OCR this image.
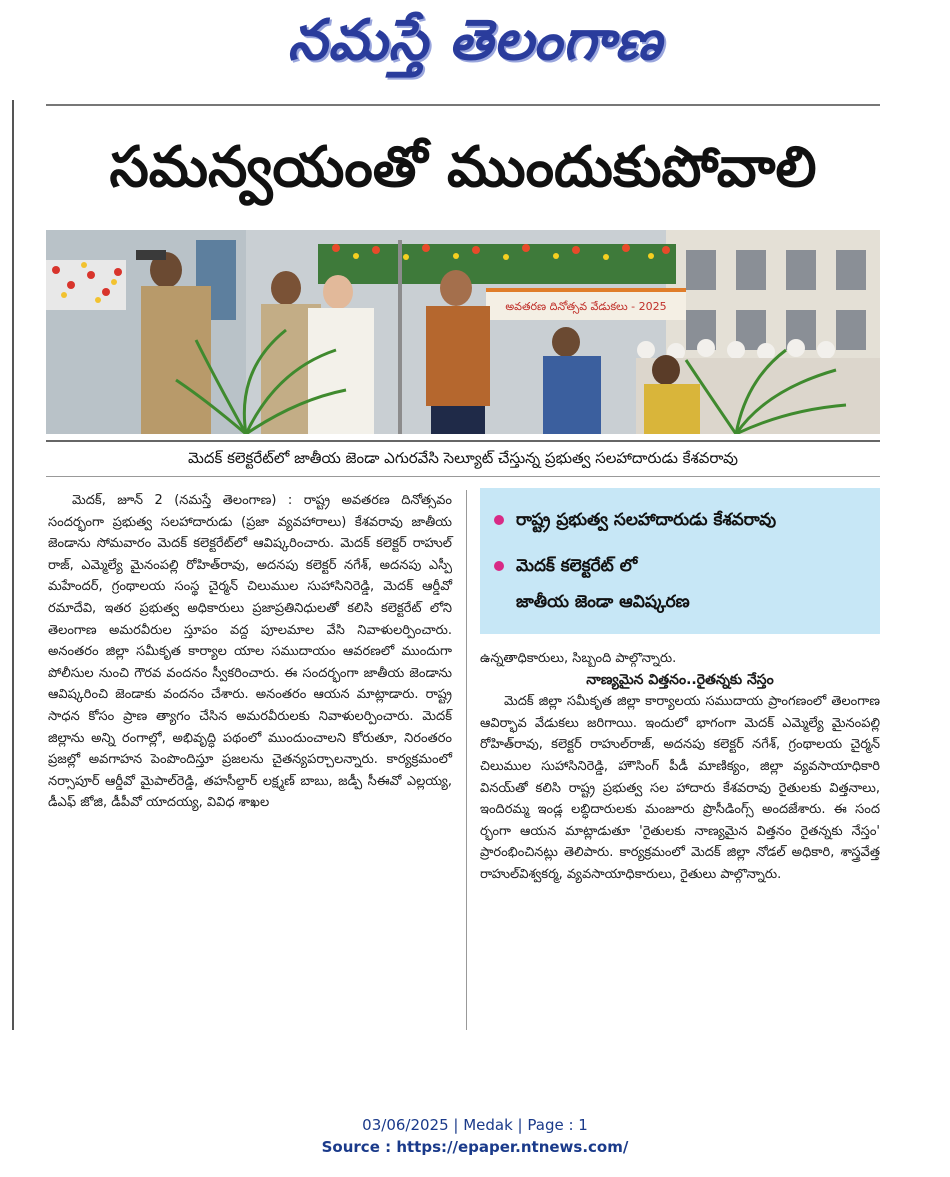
నమస్తే తెలంగాణ
సమన్వయంతో ముందుకుపోవాలి
అవతరణ దినోత్సవ వేడుకలు - 2025
మెదక్ కలెక్టరేట్‌లో జాతీయ జెండా ఎగురవేసి సెల్యూట్ చేస్తున్న ప్రభుత్వ సలహాదారుడు కేశవరావు

మెదక్, జూన్ 2 (నమస్తే తెలంగాణ) : రాష్ట్ర అవతరణ దినోత్సవం సందర్భంగా ప్రభుత్వ సలహాదారుడు (ప్రజా వ్యవహారాలు) కేశవరావు జాతీయ జెండాను సోమవారం మెదక్ కలెక్టరేట్‌లో ఆవిష్కరించారు. మెదక్ కలెక్టర్ రాహుల్ రాజ్, ఎమ్మెల్యే మైనంపల్లి రోహిత్‌రావు, అదనపు కలెక్టర్ నగేశ్, అదనపు ఎస్పీ మహేందర్, గ్రంథాలయ సంస్థ చైర్మన్ చిలుముల సుహాసినిరెడ్డి, మెదక్ ఆర్డీవో రమాదేవి, ఇతర ప్రభుత్వ అధికారులు ప్రజాప్రతినిధులతో కలిసి కలెక్టరేట్ లోని తెలంగాణ అమరవీరుల స్తూపం వద్ద పూలమాల వేసి నివాళులర్పించారు. అనంతరం జిల్లా సమీకృత కార్యాల యాల సముదాయం ఆవరణలో ముందుగా పోలీసుల నుంచి గౌరవ వందనం స్వీకరించారు. ఈ సందర్భంగా జాతీయ జెండాను ఆవిష్కరించి జెండాకు వందనం చేశారు. అనంతరం ఆయన మాట్లాడారు. రాష్ట్ర సాధన కోసం ప్రాణ త్యాగం చేసిన అమరవీరులకు నివాళులర్పించారు. మెదక్ జిల్లాను అన్ని రంగాల్లో, అభివృద్ధి పథంలో ముందుంచాలని కోరుతూ, నిరంతరం ప్రజల్లో అవగాహన పెంపొందిస్తూ ప్రజలను చైతన్యపర్చాలన్నారు. కార్యక్రమంలో నర్సాపూర్ ఆర్డీవో మైపాల్‌రెడ్డి, తహసీల్దార్ లక్ష్మణ్ బాబు, జడ్పీ సీఈవో ఎల్లయ్య, డీఎఫ్ జోజి, డీపీవో యాదయ్య, వివిధ శాఖల

రాష్ట్ర ప్రభుత్వ సలహాదారుడు కేశవరావు
మెదక్ కలెక్టరేట్ లో
జాతీయ జెండా ఆవిష్కరణ

ఉన్నతాధికారులు, సిబ్బంది పాల్గొన్నారు.

నాణ్యమైన విత్తనం..రైతన్నకు నేస్తం

మెదక్ జిల్లా సమీకృత జిల్లా కార్యాలయ సముదాయ ప్రాంగణంలో తెలంగాణ ఆవిర్భావ వేడుకలు జరిగాయి. ఇందులో భాగంగా మెదక్ ఎమ్మెల్యే మైనంపల్లి రోహిత్‌రావు, కలెక్టర్ రాహుల్‌రాజ్, అదనపు కలెక్టర్ నగేశ్, గ్రంథాలయ చైర్మన్ చిలుముల సుహాసినిరెడ్డి, హౌసింగ్ పీడీ మాణిక్యం, జిల్లా వ్యవసాయాధికారి వినయ్‌తో కలిసి రాష్ట్ర ప్రభుత్వ సల హాదారు కేశవరావు రైతులకు విత్తనాలు, ఇందిరమ్మ ఇండ్ల లబ్ధిదారులకు మంజూరు ప్రొసీడింగ్స్ అందజేశారు. ఈ సంద ర్భంగా ఆయన మాట్లాడుతూ 'రైతులకు నాణ్యమైన విత్తనం రైతన్నకు నేస్తం' ప్రారంభించినట్లు తెలిపారు. కార్యక్రమంలో మెదక్ జిల్లా నోడల్ అధికారి, శాస్త్రవేత్త రాహుల్‌విశ్వకర్మ, వ్యవసాయాధికారులు, రైతులు పాల్గొన్నారు.

03/06/2025 | Medak | Page : 1
Source : https://epaper.ntnews.com/
